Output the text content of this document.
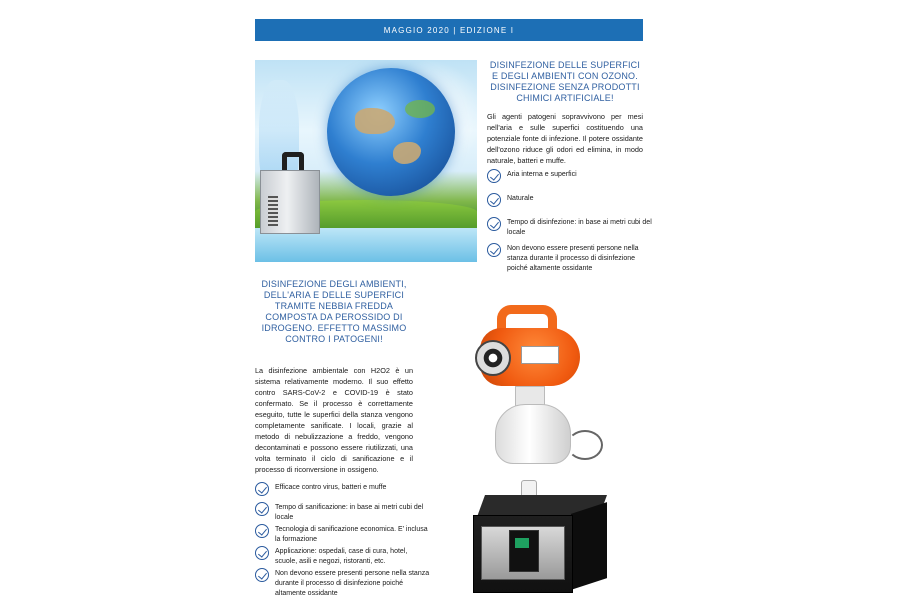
MAGGIO 2020 | EDIZIONE I
DISINFEZIONE DELLE SUPERFICI E DEGLI AMBIENTI CON OZONO. DISINFEZIONE SENZA PRODOTTI CHIMICI ARTIFICIALE!
Gli agenti patogeni sopravvivono per mesi nell'aria e sulle superfici costituendo una potenziale fonte di infezione. Il potere ossidante dell'ozono riduce gli odori ed elimina, in modo naturale, batteri e muffe.
Aria interna e superfici
Naturale
Tempo di disinfezione: in base ai metri cubi del locale
Non devono essere presenti persone nella stanza durante il processo di disinfezione poiché altamente ossidante
DISINFEZIONE DEGLI AMBIENTI, DELL'ARIA E DELLE SUPERFICI TRAMITE NEBBIA FREDDA COMPOSTA DA PEROSSIDO DI IDROGENO. EFFETTO MASSIMO CONTRO I PATOGENI!
La disinfezione ambientale con H2O2 è un sistema relativamente moderno. Il suo effetto contro SARS-CoV-2 e COVID-19 è stato confermato. Se il processo è correttamente eseguito, tutte le superfici della stanza vengono completamente sanificate. I locali, grazie al metodo di nebulizzazione a freddo, vengono decontaminati e possono essere riutilizzati, una volta terminato il ciclo di sanificazione e il processo di riconversione in ossigeno.
Efficace contro virus, batteri e muffe
Tempo di sanificazione: in base ai metri cubi del locale
Tecnologia di sanificazione economica. E' inclusa la formazione
Applicazione: ospedali, case di cura, hotel, scuole, asili e negozi, ristoranti, etc.
Non devono essere presenti persone nella stanza durante il processo di disinfezione poiché altamente ossidante
